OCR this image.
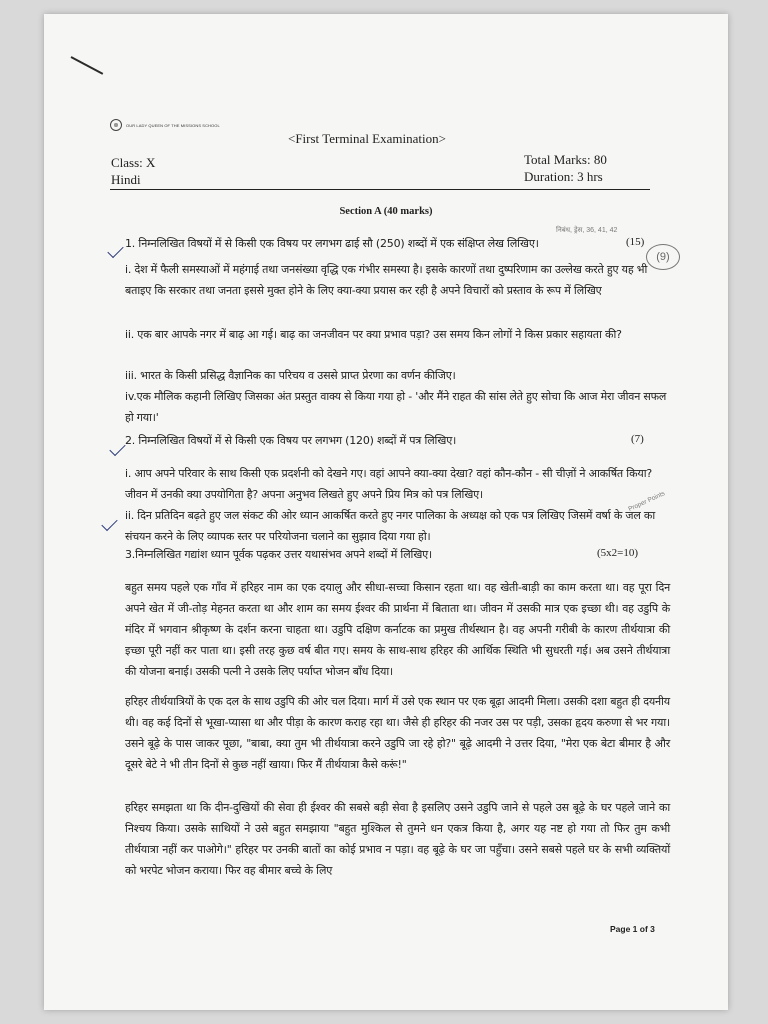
OUR LADY QUEEN OF THE MISSIONS SCHOOL
<First Terminal Examination>
Class: X
Hindi
Total Marks: 80
Duration: 3 hrs
Section A (40 marks)
निबंध, ड्रेस, 36, 41, 42
(9)
Proper Points
1. निम्नलिखित विषयों में से किसी एक विषय पर लगभग ढाई सौ (250) शब्दों में एक संक्षिप्त लेख लिखिए।	(15)
i. देश में फैली समस्याओं में महंगाई तथा जनसंख्या वृद्धि एक गंभीर समस्या है। इसके कारणों तथा दुष्परिणाम का उल्लेख करते हुए यह भी बताइए कि सरकार तथा जनता इससे मुक्त होने के लिए क्या-क्या प्रयास कर रही है अपने विचारों को प्रस्ताव के रूप में लिखिए
ii. एक बार आपके नगर में बाढ़ आ गई। बाढ़ का जनजीवन पर क्या प्रभाव पड़ा? उस समय किन लोगों ने किस प्रकार सहायता की?
iii. भारत के किसी प्रसिद्ध वैज्ञानिक का परिचय व उससे प्राप्त प्रेरणा का वर्णन कीजिए।
iv.एक मौलिक कहानी लिखिए जिसका अंत प्रस्तुत वाक्य से किया गया हो - 'और मैंने राहत की सांस लेते हुए सोचा कि आज मेरा जीवन सफल हो गया।'
2. निम्नलिखित विषयों में से किसी एक विषय पर लगभग (120) शब्दों में पत्र लिखिए।	(7)
i. आप अपने परिवार के साथ किसी एक प्रदर्शनी को देखने गए। वहां आपने क्या-क्या देखा? वहां कौन-कौन - सी चीज़ों ने आकर्षित किया? जीवन में उनकी क्या उपयोगिता है? अपना अनुभव लिखते हुए अपने प्रिय मित्र को पत्र लिखिए।
ii. दिन प्रतिदिन बढ़ते हुए जल संकट की ओर ध्यान आकर्षित करते हुए नगर पालिका के अध्यक्ष को एक पत्र लिखिए जिसमें वर्षा के जल का संचयन करने के लिए व्यापक स्तर पर परियोजना चलाने का सुझाव दिया गया हो।
3.निम्नलिखित गद्यांश ध्यान पूर्वक पढ़कर उत्तर यथासंभव अपने शब्दों में लिखिए।	(5x2=10)
बहुत समय पहले एक गाँव में हरिहर नाम का एक दयालु और सीधा-सच्चा किसान रहता था। वह खेती-बाड़ी का काम करता था। वह पूरा दिन अपने खेत में जी-तोड़ मेहनत करता था और शाम का समय ईश्वर की प्रार्थना में बिताता था। जीवन में उसकी मात्र एक इच्छा थी। वह उडुपि के मंदिर में भगवान श्रीकृष्ण के दर्शन करना चाहता था। उडुपि दक्षिण कर्नाटक का प्रमुख तीर्थस्थान है। वह अपनी गरीबी के कारण तीर्थयात्रा की इच्छा पूरी नहीं कर पाता था। इसी तरह कुछ वर्ष बीत गए। समय के साथ-साथ हरिहर की आर्थिक स्थिति भी सुधरती गई। अब उसने तीर्थयात्रा की योजना बनाई। उसकी पत्नी ने उसके लिए पर्याप्त भोजन बाँध दिया।
हरिहर तीर्थयात्रियों के एक दल के साथ उडुपि की ओर चल दिया। मार्ग में उसे एक स्थान पर एक बूढ़ा आदमी मिला। उसकी दशा बहुत ही दयनीय थी। वह कई दिनों से भूखा-प्यासा था और पीड़ा के कारण कराह रहा था। जैसे ही हरिहर की नजर उस पर पड़ी, उसका हृदय करुणा से भर गया। उसने बूढ़े के पास जाकर पूछा, "बाबा, क्या तुम भी तीर्थयात्रा करने उडुपि जा रहे हो?" बूढ़े आदमी ने उत्तर दिया, "मेरा एक बेटा बीमार है और दूसरे बेटे ने भी तीन दिनों से कुछ नहीं खाया। फिर मैं तीर्थयात्रा कैसे करूं!"
हरिहर समझता था कि दीन-दुखियों की सेवा ही ईश्वर की सबसे बड़ी सेवा है इसलिए उसने उडुपि जाने से पहले उस बूढ़े के घर पहले जाने का निश्चय किया। उसके साथियों ने उसे बहुत समझाया "बहुत मुश्किल से तुमने धन एकत्र किया है, अगर यह नष्ट हो गया तो फिर तुम कभी तीर्थयात्रा नहीं कर पाओगे।" हरिहर पर उनकी बातों का कोई प्रभाव न पड़ा। वह बूढ़े के घर जा पहुँचा। उसने सबसे पहले घर के सभी व्यक्तियों को भरपेट भोजन कराया। फिर वह बीमार बच्चे के लिए
Page 1 of 3
